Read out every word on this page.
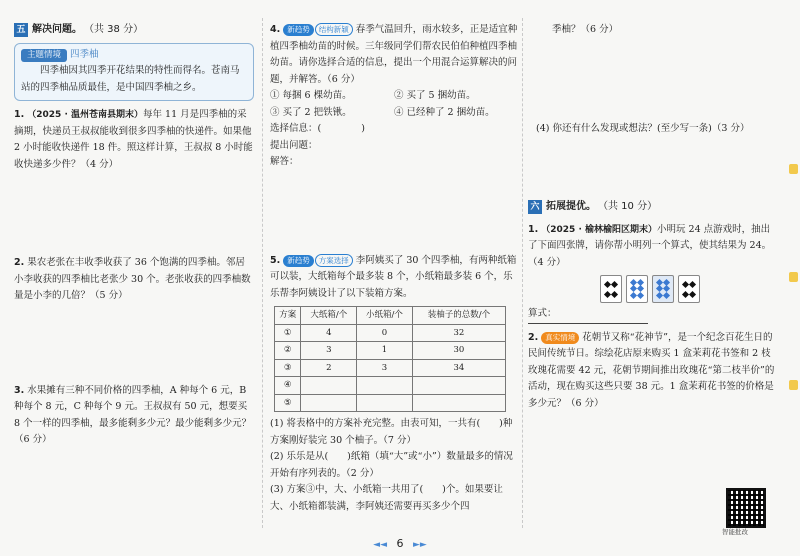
五 解决问题。 （共 38 分）
主题情境 四季柚
四季柚因其四季开花结果的特性而得名。苍南马站的四季柚品质最佳，是中国四季柚之乡。
1. （2025 · 温州苍南县期末）每年 11 月是四季柚的采摘期，快递员王叔叔能收到很多四季柚的快递件。如果他 2 小时能收快递件 18 件。照这样计算，王叔叔 8 小时能收快递多少件？（4 分）
2. 果农老张在丰收季收获了 36 个饱满的四季柚。邻居小李收获的四季柚比老张少 30 个。老张收获的四季柚数量是小李的几倍？（5 分）
3. 水果摊有三种不同价格的四季柚，A 种每个 6 元，B 种每个 8 元，C 种每个 9 元。王叔叔有 50 元，想要买 8 个一样的四季柚，最多能剩多少元？最少能剩多少元？（6 分）
4. 新趋势 结构新颖 春季气温回升，雨水较多，正是适宜种植四季柚幼苗的时候。三年级同学们帮农民伯伯种植四季柚幼苗。请你选择合适的信息，提出一个用混合运算解决的问题，并解答。（6 分）
① 每捆 6 棵幼苗。	② 买了 5 捆幼苗。
③ 买了 2 把铁锹。	④ 已经种了 2 捆幼苗。
选择信息：(	)
提出问题：
解答：
5. 新趋势 方案选择 李阿姨买了 30 个四季柚，有两种纸箱可以装，大纸箱每个最多装 8 个，小纸箱最多装 6 个，乐乐帮李阿姨设计了以下装箱方案。
方案	大纸箱/个	小纸箱/个	装柚子的总数/个
①	4	0	32
②	3	1	30
③	2	3	34
④			
⑤			
(1) 将表格中的方案补充完整。由表可知，一共有(　　)种方案刚好装完 30 个柚子。（7 分）
(2) 乐乐是从(　　)纸箱（填“大”或“小”）数量最多的情况开始有序列表的。（2 分）
(3) 方案③中，大、小纸箱一共用了(　　)个。如果要让大、小纸箱都装满，李阿姨还需要再买多少个四
季柚？（6 分）
(4) 你还有什么发现或想法？(至少写一条)（3 分）
六 拓展提优。 （共 10 分）
1. （2025 · 榆林榆阳区期末）小明玩 24 点游戏时，抽出了下面四张牌，请你帮小明列一个算式，使其结果为 24。（4 分）
算式：
2. 真实情境 花朝节又称“花神节”，是一个纪念百花生日的民间传统节日。综绘花店原来购买 1 盒茉莉花书签和 2 枝玫瑰花需要 42 元，花朝节期间推出玫瑰花“第二枝半价”的活动，现在购买这些只要 38 元。1 盒茉莉花书签的价格是多少元？（6 分）
智能批改
◄◄ 6 ►►
